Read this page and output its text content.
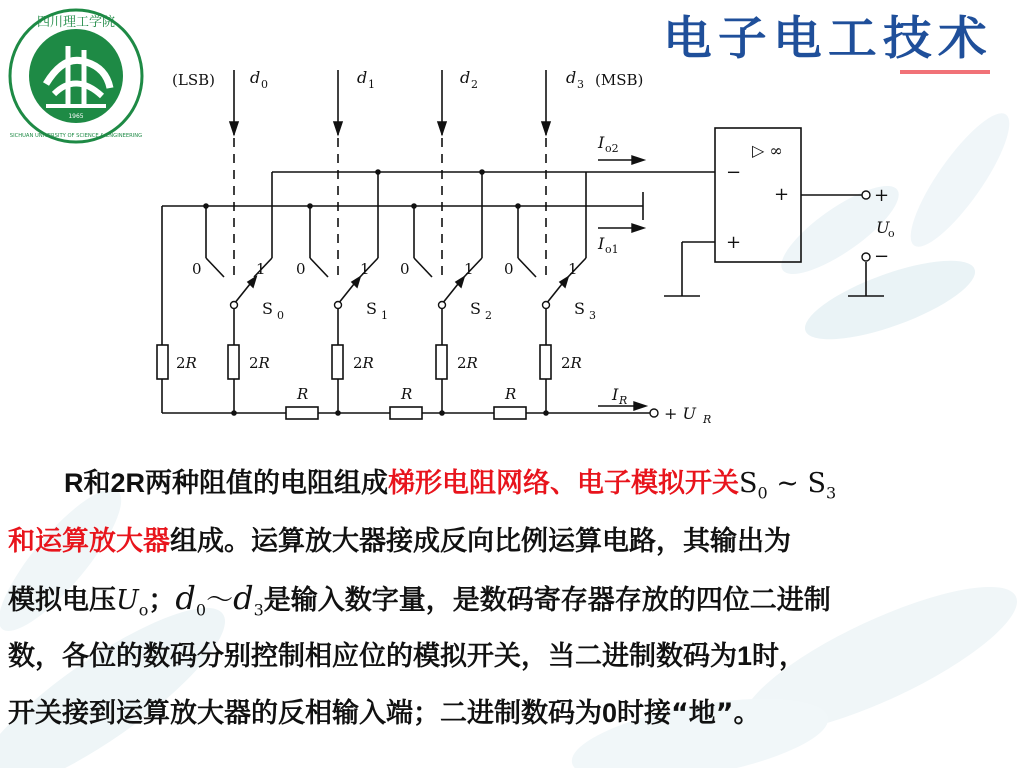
四川理工学院
SICHUAN UNIVERSITY OF SCIENCE & ENGINEERING
1965
电子电工技术
(LSB)	(MSB)
d 0	d 1	d 2	d 3
0	1 0	1 0	1 0	1
S 0	S 1	S 2	S 3
2R	2R	2R	2R	2R
R	R	R
I o2
I o1
I R
▷ ∞
−
+
+
+
−
U
o
+ U R
R和2R两种阻值的电阻组成梯形电阻网络、电子模拟开关$S_0$ ~ $S_3$
和运算放大器组成。运算放大器接成反向比例运算电路，其输出为
模拟电压$U_o$；$d_0\sim d_3$是输入数字量，是数码寄存器存放的四位二进制
数，各位的数码分别控制相应位的模拟开关，当二进制数码为1时，
开关接到运算放大器的反相输入端；二进制数码为0时接“地”。
